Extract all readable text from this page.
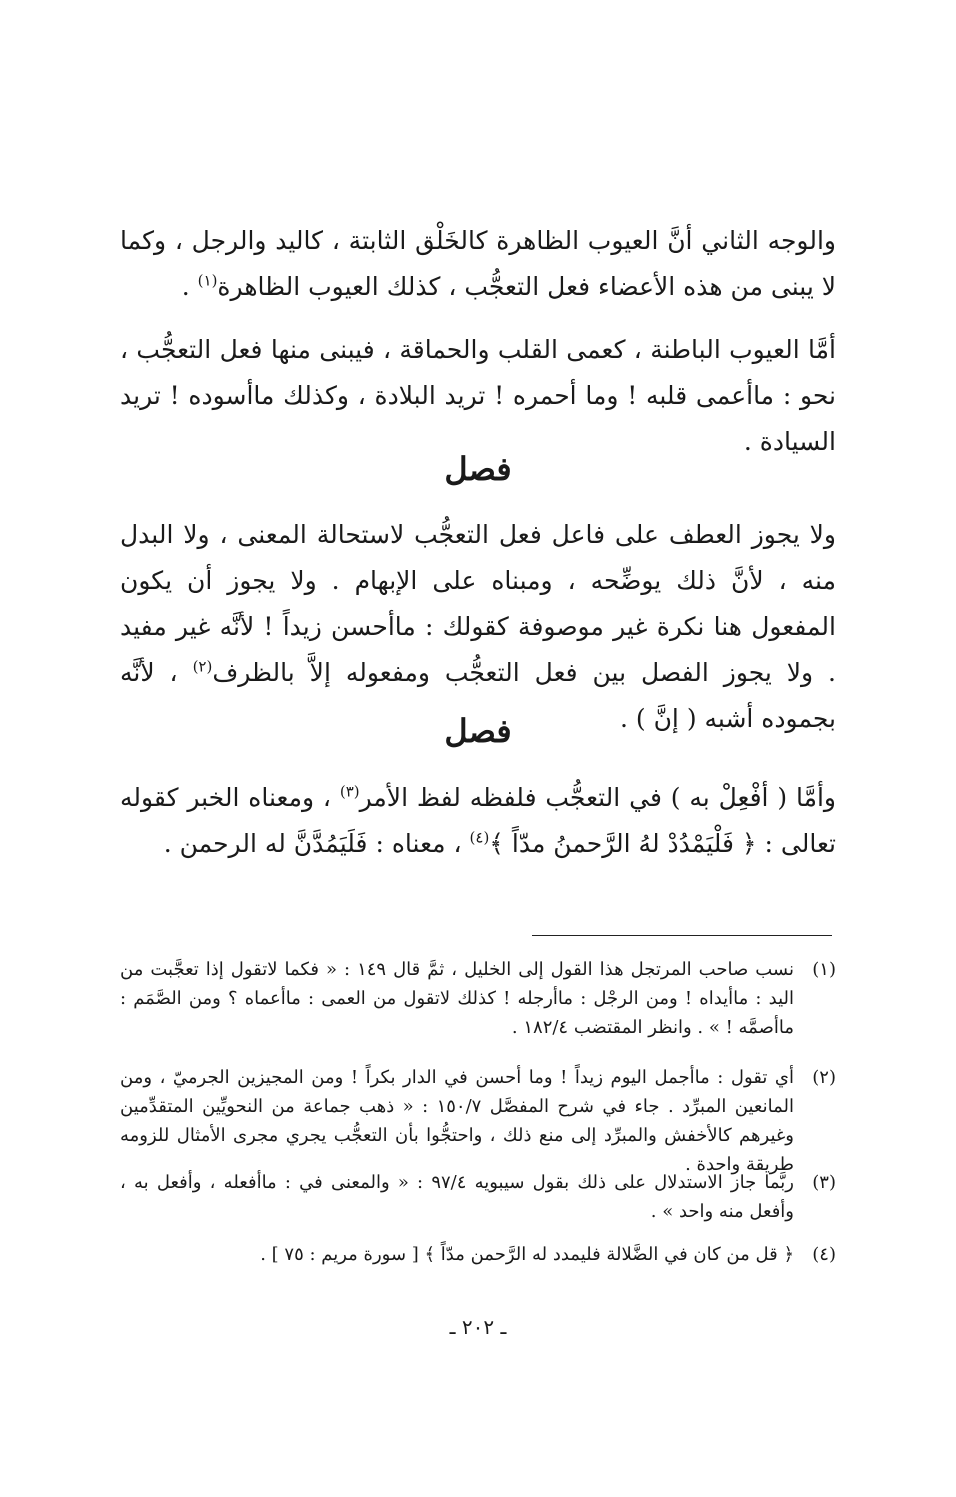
والوجه الثاني أنَّ العيوب الظاهرة كالخَلْق الثابتة ، كاليد والرجل ، وكما لا يبنى من هذه الأعضاء فعل التعجُّب ، كذلك العيوب الظاهرة$^{(١)}$ .

أمَّا العيوب الباطنة ، كعمى القلب والحماقة ، فيبنى منها فعل التعجُّب ، نحو : ماأعمى قلبه ! وما أحمره ! تريد البلادة ، وكذلك ماأسوده ! تريد السيادة .

فصل

ولا يجوز العطف على فاعل فعل التعجُّب لاستحالة المعنى ، ولا البدل منه ، لأنَّ ذلك يوضِّحه ، ومبناه على الإبهام . ولا يجوز أن يكون المفعول هنا نكرة غير موصوفة كقولك : ماأحسن زيداً ! لأنَّه غير مفيد . ولا يجوز الفصل بين فعل التعجُّب ومفعوله إلاَّ بالظرف$^{(٢)}$ ، لأنَّه بجموده أشبه ( إنَّ ) .

فصل

وأمَّا ( أفْعِلْ به ) في التعجُّب فلفظه لفظ الأمر$^{(٣)}$ ، ومعناه الخبر كقوله تعالى : ﴿ فَلْيَمْدُدْ لهُ الرَّحمنُ مدّاً ﴾$^{(٤)}$ ، معناه : فَلَيَمُدَّنَّ له الرحمن .

(١)
نسب صاحب المرتجل هذا القول إلى الخليل ، ثمَّ قال ١٤٩ : « فكما لاتقول إذا تعجَّبت من اليد : ماأيداه ! ومن الرجْل : ماأرجله ! كذلك لاتقول من العمى : ماأعماه ؟ ومن الصَّمَم : ماأصمَّه ! » . وانظر المقتضب ١٨٢/٤ .
(٢)
أي تقول : ماأجمل اليوم زيداً ! وما أحسن في الدار بكراً ! ومن المجيزين الجرميّ ، ومن المانعين المبرِّد . جاء في شرح المفصَّل ١٥٠/٧ : « ذهب جماعة من النحويِّين المتقدِّمين وغيرهم كالأخفش والمبرِّد إلى منع ذلك ، واحتجُّوا بأن التعجُّب يجري مجرى الأمثال للزومه طريقة واحدة .
(٣)
ربَّما جاز الاستدلال على ذلك بقول سيبويه ٩٧/٤ : « والمعنى في : ماأفعله ، وأفعل به ، وأفعل منه واحد » .
(٤)
﴿ قل من كان في الضَّلالة فليمدد له الرَّحمن مدّاً ﴾ [ سورة مريم : ٧٥ ] .
ـ ٢٠٢ ـ
